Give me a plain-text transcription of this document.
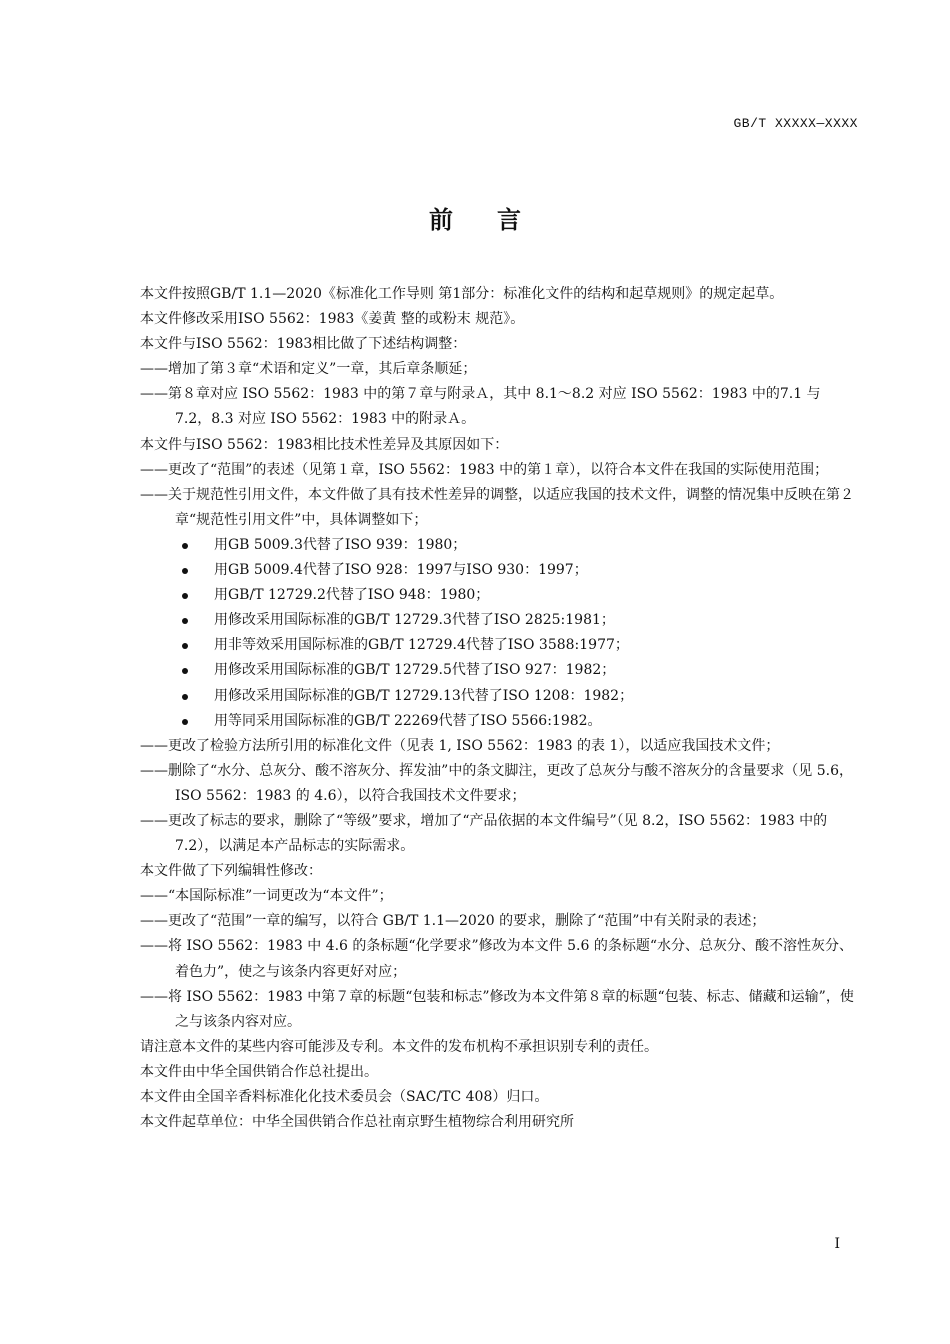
GB/T XXXXX—XXXX
前言

本文件按照GB/T 1.1—2020《标准化工作导则 第1部分：标准化文件的结构和起草规则》的规定起草。

本文件修改采用ISO 5562：1983《姜黄 整的或粉末 规范》。

本文件与ISO 5562：1983相比做了下述结构调整：

——增加了第３章“术语和定义”一章，其后章条顺延；

——第８章对应 ISO 5562：1983 中的第７章与附录Ａ，其中 8.1～8.2 对应 ISO 5562：1983 中的7.1 与 7.2，8.3 对应 ISO 5562：1983 中的附录Ａ。

本文件与ISO 5562：1983相比技术性差异及其原因如下：

——更改了“范围”的表述（见第１章，ISO 5562：1983 中的第１章），以符合本文件在我国的实际使用范围；

——关于规范性引用文件，本文件做了具有技术性差异的调整，以适应我国的技术文件，调整的情况集中反映在第２章“规范性引用文件”中，具体调整如下；

用GB 5009.3代替了ISO 939：1980；
用GB 5009.4代替了ISO 928：1997与ISO 930：1997；
用GB/T 12729.2代替了ISO 948：1980；
用修改采用国际标准的GB/T 12729.3代替了ISO 2825:1981；
用非等效采用国际标准的GB/T 12729.4代替了ISO 3588:1977；
用修改采用国际标准的GB/T 12729.5代替了ISO 927：1982；
用修改采用国际标准的GB/T 12729.13代替了ISO 1208：1982；
用等同采用国际标准的GB/T 22269代替了ISO 5566:1982。

——更改了检验方法所引用的标准化文件（见表 1, ISO 5562：1983 的表 1），以适应我国技术文件；

——删除了“水分、总灰分、酸不溶灰分、挥发油”中的条文脚注，更改了总灰分与酸不溶灰分的含量要求（见 5.6，ISO 5562：1983 的 4.6），以符合我国技术文件要求；

——更改了标志的要求，删除了“等级”要求，增加了“产品依据的本文件编号”（见 8.2，ISO 5562：1983 中的 7.2），以满足本产品标志的实际需求。

本文件做了下列编辑性修改：

——“本国际标准”一词更改为“本文件”；

——更改了“范围”一章的编写，以符合 GB/T 1.1—2020 的要求，删除了“范围”中有关附录的表述；

——将 ISO 5562：1983 中 4.6 的条标题“化学要求”修改为本文件 5.6 的条标题“水分、总灰分、酸不溶性灰分、着色力”，使之与该条内容更好对应；

——将 ISO 5562：1983 中第７章的标题“包装和标志”修改为本文件第８章的标题“包装、标志、储藏和运输”，使之与该条内容对应。

请注意本文件的某些内容可能涉及专利。本文件的发布机构不承担识别专利的责任。

本文件由中华全国供销合作总社提出。

本文件由全国辛香料标准化化技术委员会（SAC/TC 408）归口。

本文件起草单位：中华全国供销合作总社南京野生植物综合利用研究所

I
